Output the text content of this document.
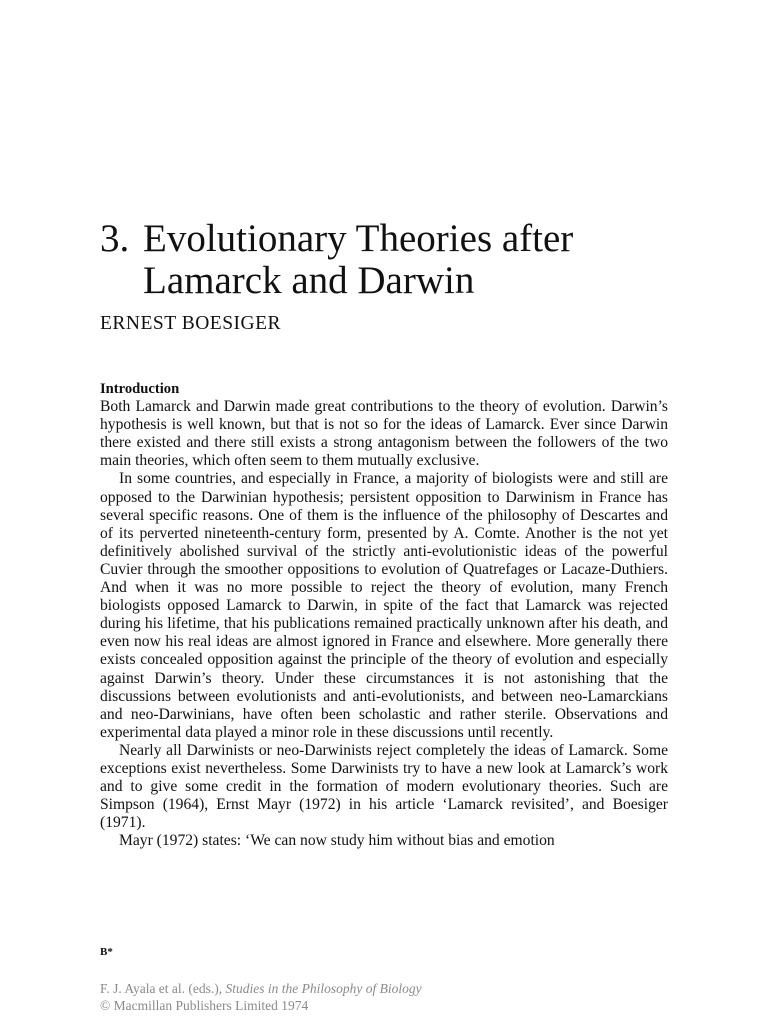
3. Evolutionary Theories after
Lamarck and Darwin

ERNEST BOESIGER

Introduction

Both Lamarck and Darwin made great contributions to the theory of evolution. Darwin’s hypothesis is well known, but that is not so for the ideas of Lamarck. Ever since Darwin there existed and there still exists a strong antagonism between the followers of the two main theories, which often seem to them mutually exclusive.

In some countries, and especially in France, a majority of biologists were and still are opposed to the Darwinian hypothesis; persistent opposition to Darwinism in France has several specific reasons. One of them is the influence of the philosophy of Descartes and of its perverted nineteenth-century form, presented by A. Comte. Another is the not yet definitively abolished survival of the strictly anti-evolutionistic ideas of the powerful Cuvier through the smoother oppositions to evolution of Quatrefages or Lacaze-Duthiers. And when it was no more possible to reject the theory of evolution, many French biologists opposed Lamarck to Darwin, in spite of the fact that Lamarck was rejected during his lifetime, that his publications remained practically unknown after his death, and even now his real ideas are almost ignored in France and elsewhere. More generally there exists concealed opposition against the principle of the theory of evolution and especially against Darwin’s theory. Under these circumstances it is not astonishing that the discussions between evolutionists and anti-evolutionists, and between neo-Lamarckians and neo-Darwinians, have often been scholastic and rather sterile. Observations and experimental data played a minor role in these discussions until recently.

Nearly all Darwinists or neo-Darwinists reject completely the ideas of Lamarck. Some exceptions exist nevertheless. Some Darwinists try to have a new look at Lamarck’s work and to give some credit in the formation of modern evolutionary theories. Such are Simpson (1964), Ernst Mayr (1972) in his article ‘Lamarck revisited’, and Boesiger (1971).

Mayr (1972) states: ‘We can now study him without bias and emotion

B*
F. J. Ayala et al. (eds.), Studies in the Philosophy of Biology
© Macmillan Publishers Limited 1974
